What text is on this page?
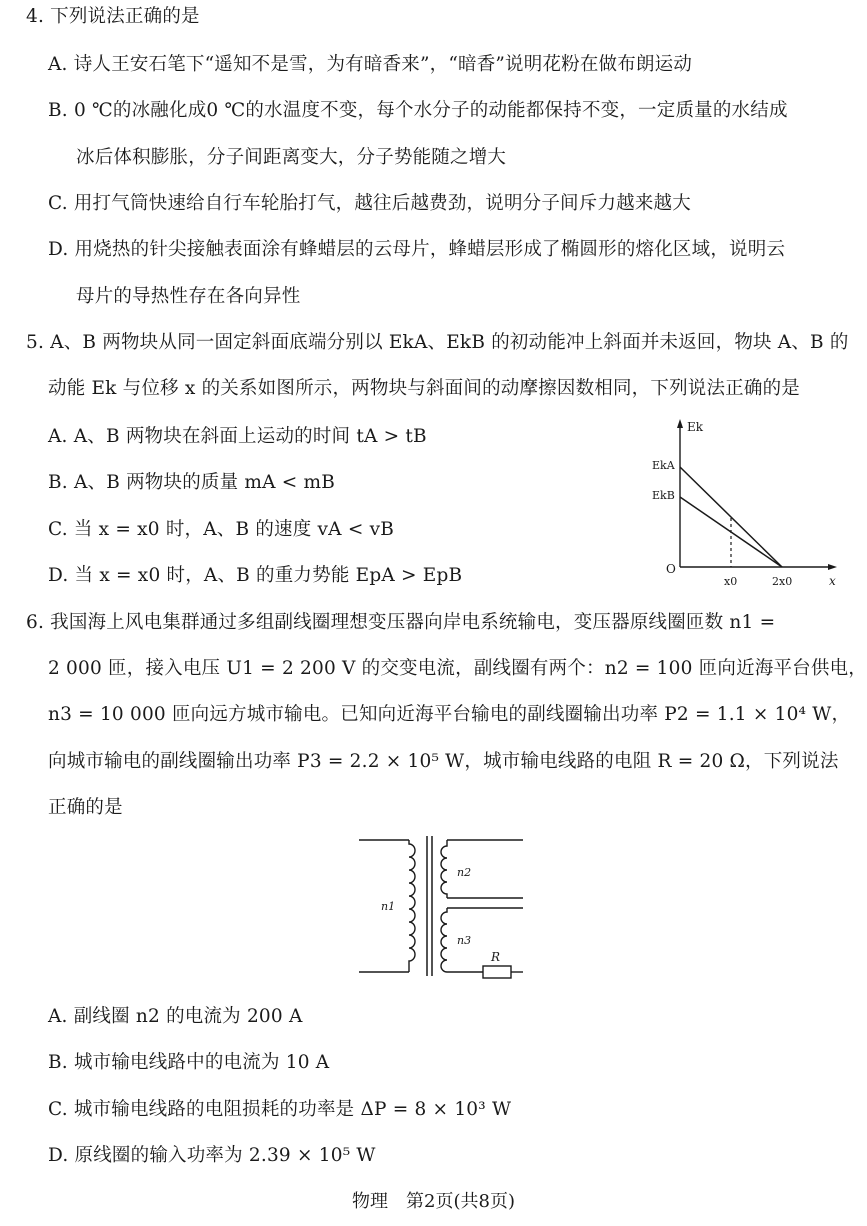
4. 下列说法正确的是
A. 诗人王安石笔下“遥知不是雪，为有暗香来”，“暗香”说明花粉在做布朗运动
B. 0 ℃的冰融化成0 ℃的水温度不变，每个水分子的动能都保持不变，一定质量的水结成
冰后体积膨胀，分子间距离变大，分子势能随之增大
C. 用打气筒快速给自行车轮胎打气，越往后越费劲，说明分子间斥力越来越大
D. 用烧热的针尖接触表面涂有蜂蜡层的云母片，蜂蜡层形成了椭圆形的熔化区域，说明云
母片的导热性存在各向异性
5. A、B 两物块从同一固定斜面底端分别以 EkA、EkB 的初动能冲上斜面并未返回，物块 A、B 的
动能 Ek 与位移 x 的关系如图所示，两物块与斜面间的动摩擦因数相同，下列说法正确的是
A. A、B 两物块在斜面上运动的时间 tA > tB
B. A、B 两物块的质量 mA < mB
C. 当 x = x0 时，A、B 的速度 vA < vB
D. 当 x = x0 时，A、B 的重力势能 EpA > EpB
Ek
EkA
EkB
O
x0	2x0	x
6. 我国海上风电集群通过多组副线圈理想变压器向岸电系统输电，变压器原线圈匝数 n1 =
2 000 匝，接入电压 U1 = 2 200 V 的交变电流，副线圈有两个：n2 = 100 匝向近海平台供电，
n3 = 10 000 匝向远方城市输电。已知向近海平台输电的副线圈输出功率 P2 = 1.1 × 10⁴ W，
向城市输电的副线圈输出功率 P3 = 2.2 × 10⁵ W，城市输电线路的电阻 R = 20 Ω，下列说法
正确的是
n1
n2
n3
R
A. 副线圈 n2 的电流为 200 A
B. 城市输电线路中的电流为 10 A
C. 城市输电线路的电阻损耗的功率是 ΔP = 8 × 10³ W
D. 原线圈的输入功率为 2.39 × 10⁵ W
物理　第2页(共8页)
